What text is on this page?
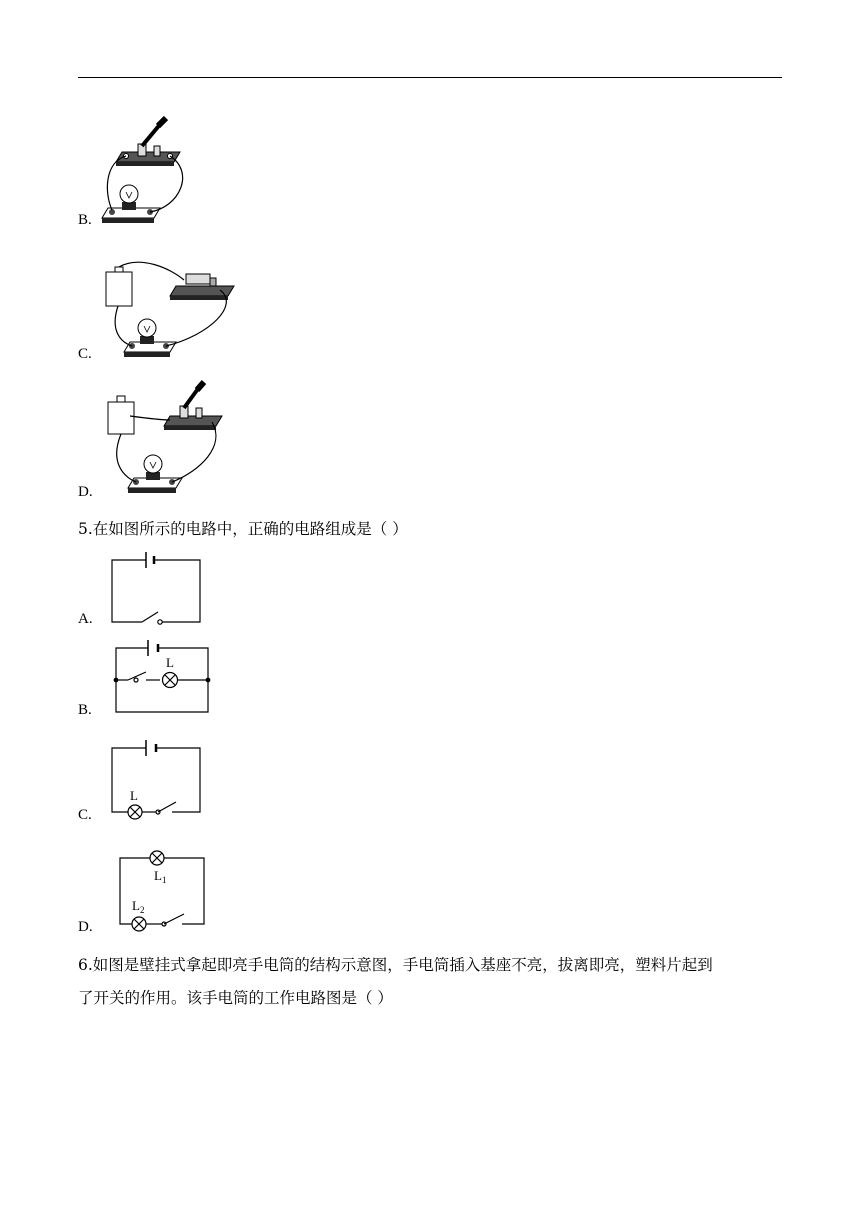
B.
C.
D.
5.在如图所示的电路中，正确的电路组成是（ ）
A.
L
B.
L
C.
$L_1$
$L_2$
D.
6.如图是壁挂式拿起即亮手电筒的结构示意图，手电筒插入基座不亮，拔离即亮，塑料片起到
了开关的作用。该手电筒的工作电路图是（ ）
